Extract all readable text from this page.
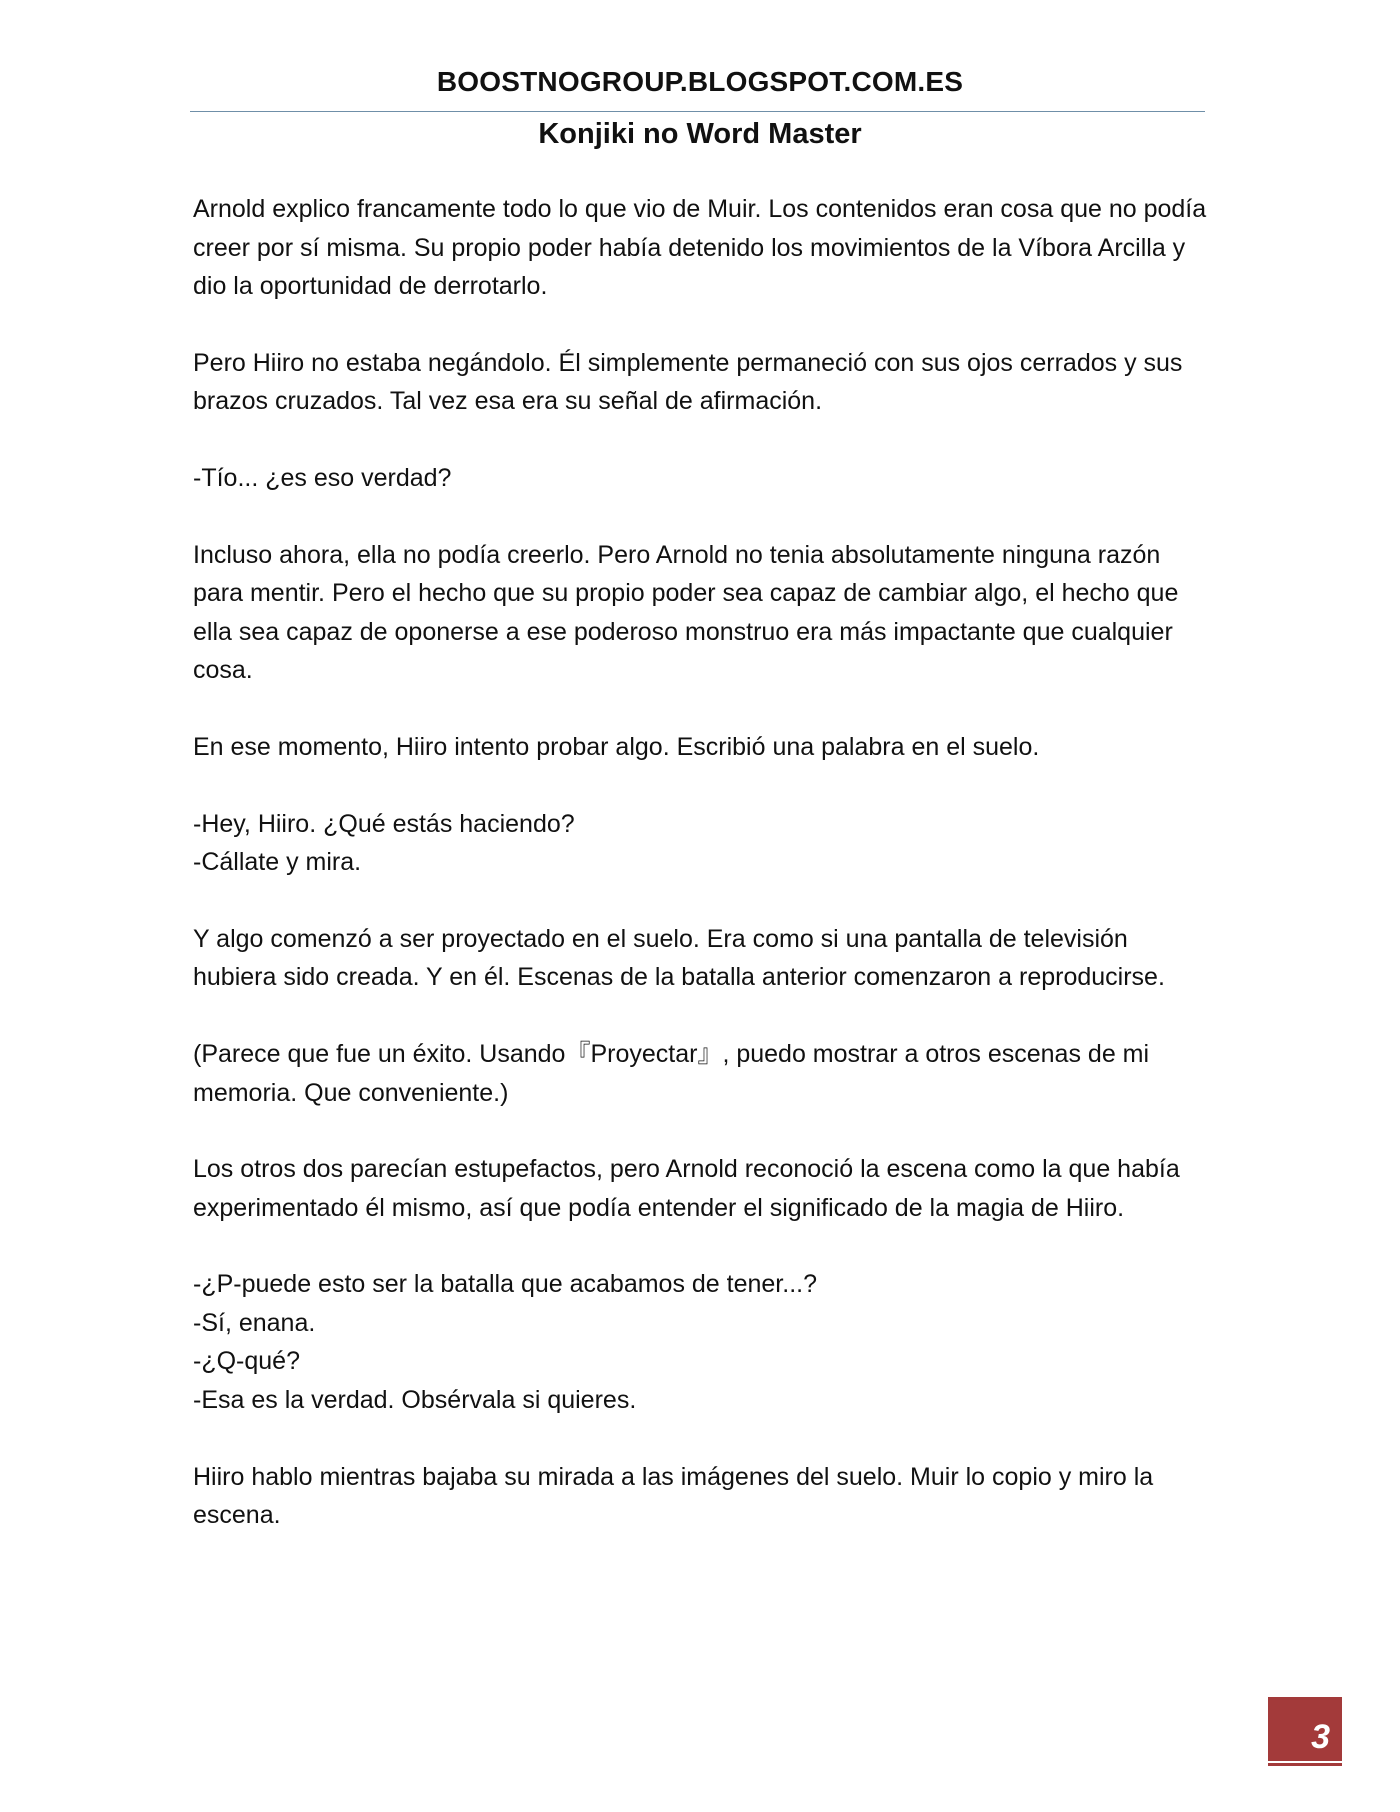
BOOSTNOGROUP.BLOGSPOT.COM.ES
Konjiki no Word Master

Arnold explico francamente todo lo que vio de Muir. Los contenidos eran cosa que no podía creer por sí misma. Su propio poder había detenido los movimientos de la Víbora Arcilla y dio la oportunidad de derrotarlo.

Pero Hiiro no estaba negándolo. Él simplemente permaneció con sus ojos cerrados y sus brazos cruzados. Tal vez esa era su señal de afirmación.

-Tío... ¿es eso verdad?

Incluso ahora, ella no podía creerlo. Pero Arnold no tenia absolutamente ninguna razón para mentir. Pero el hecho que su propio poder sea capaz de cambiar algo, el hecho que ella sea capaz de oponerse a ese poderoso monstruo era más impactante que cualquier cosa.

En ese momento, Hiiro intento probar algo. Escribió una palabra en el suelo.

-Hey, Hiiro. ¿Qué estás haciendo?
-Cállate y mira.

Y algo comenzó a ser proyectado en el suelo. Era como si una pantalla de televisión hubiera sido creada. Y en él. Escenas de la batalla anterior comenzaron a reproducirse.

(Parece que fue un éxito. Usando『Proyectar』, puedo mostrar a otros escenas de mi memoria. Que conveniente.)

Los otros dos parecían estupefactos, pero Arnold reconoció la escena como la que había experimentado él mismo, así que podía entender el significado de la magia de Hiiro.

-¿P-puede esto ser la batalla que acabamos de tener...?
-Sí, enana.
-¿Q-qué?
-Esa es la verdad. Obsérvala si quieres.

Hiiro hablo mientras bajaba su mirada a las imágenes del suelo. Muir lo copio y miro la escena.

3
